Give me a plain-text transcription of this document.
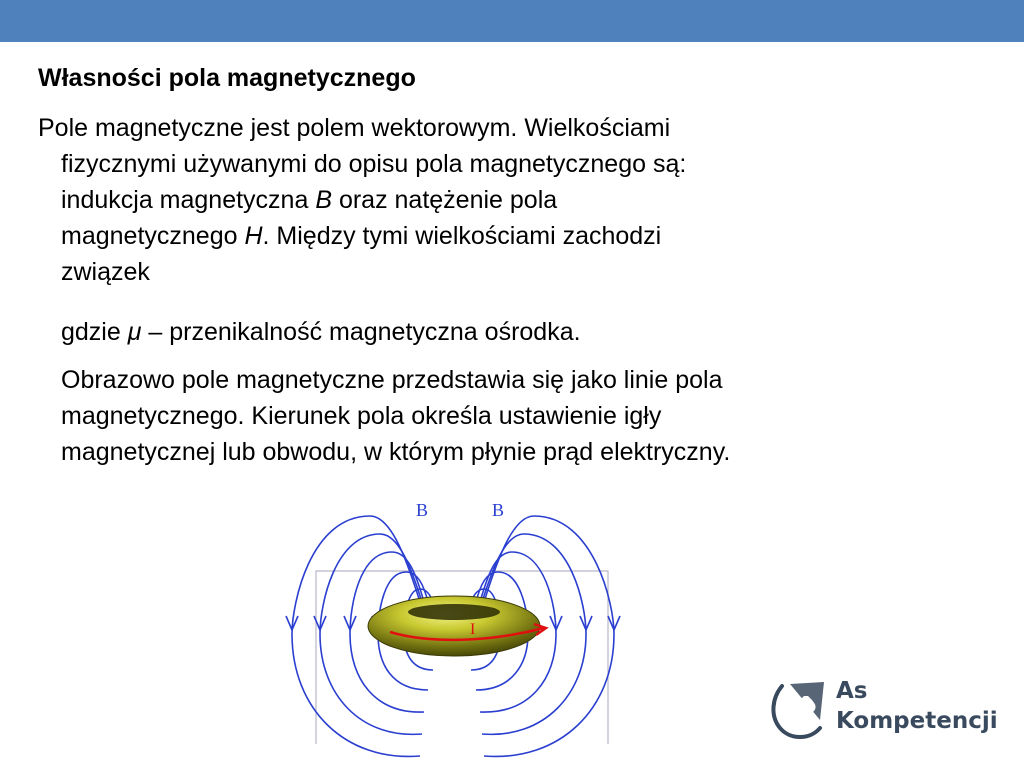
Własności pola magnetycznego

Pole magnetyczne jest polem wektorowym. Wielkościami
fizycznymi używanymi do opisu pola magnetycznego są:
indukcja magnetyczna B oraz natężenie pola
magnetycznego H. Między tymi wielkościami zachodzi
związek

gdzie μ – przenikalność magnetyczna ośrodka.

Obrazowo pole magnetyczne przedstawia się jako linie pola
magnetycznego. Kierunek pola określa ustawienie igły
magnetycznej lub obwodu, w którym płynie prąd elektryczny.

B	B
I
As
Kompetencji
